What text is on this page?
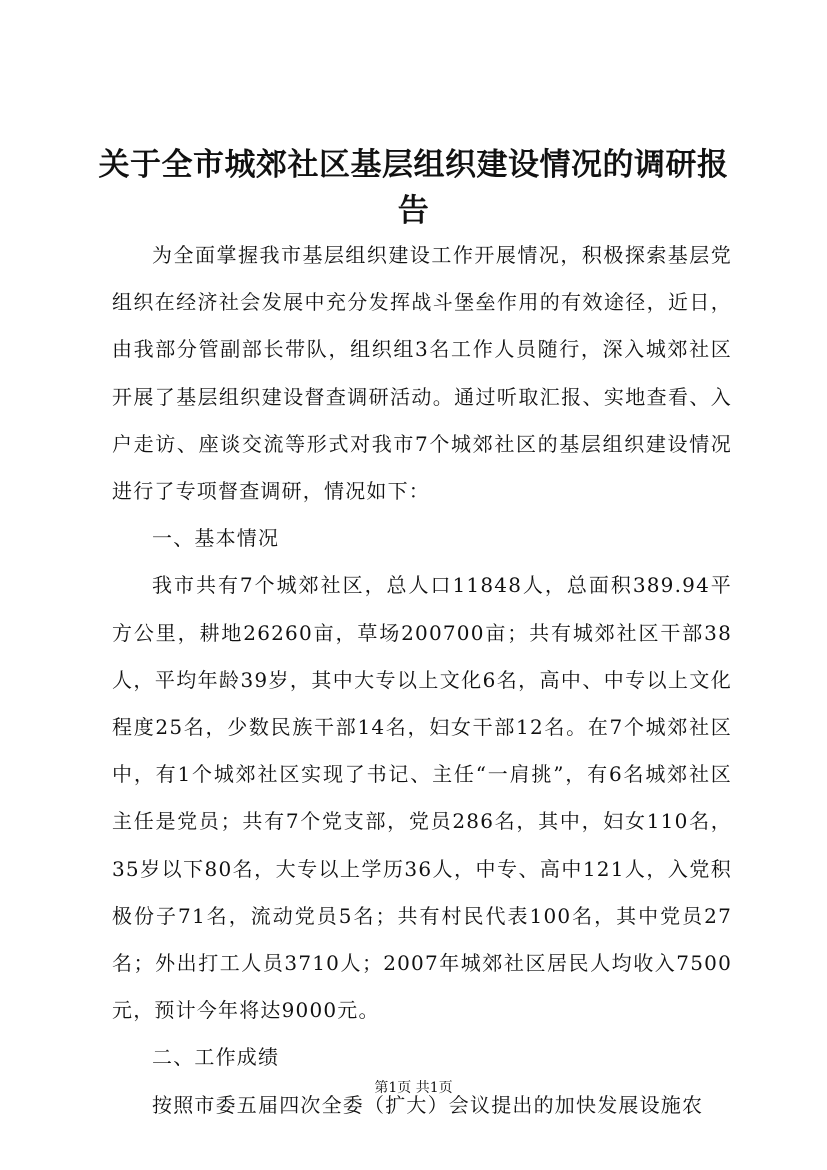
关于全市城郊社区基层组织建设情况的调研报告

为全面掌握我市基层组织建设工作开展情况，积极探索基层党组织在经济社会发展中充分发挥战斗堡垒作用的有效途径，近日，由我部分管副部长带队，组织组3名工作人员随行，深入城郊社区开展了基层组织建设督查调研活动。通过听取汇报、实地查看、入户走访、座谈交流等形式对我市7个城郊社区的基层组织建设情况进行了专项督查调研，情况如下：

一、基本情况

我市共有7个城郊社区，总人口11848人，总面积389.94平方公里，耕地26260亩，草场200700亩；共有城郊社区干部38人，平均年龄39岁，其中大专以上文化6名，高中、中专以上文化程度25名，少数民族干部14名，妇女干部12名。在7个城郊社区中，有1个城郊社区实现了书记、主任“一肩挑”，有6名城郊社区主任是党员；共有7个党支部，党员286名，其中，妇女110名，35岁以下80名，大专以上学历36人，中专、高中121人，入党积极份子71名，流动党员5名；共有村民代表100名，其中党员27名；外出打工人员3710人；2007年城郊社区居民人均收入7500元，预计今年将达9000元。

二、工作成绩

按照市委五届四次全委（扩大）会议提出的加快发展设施农

第1页 共1页
